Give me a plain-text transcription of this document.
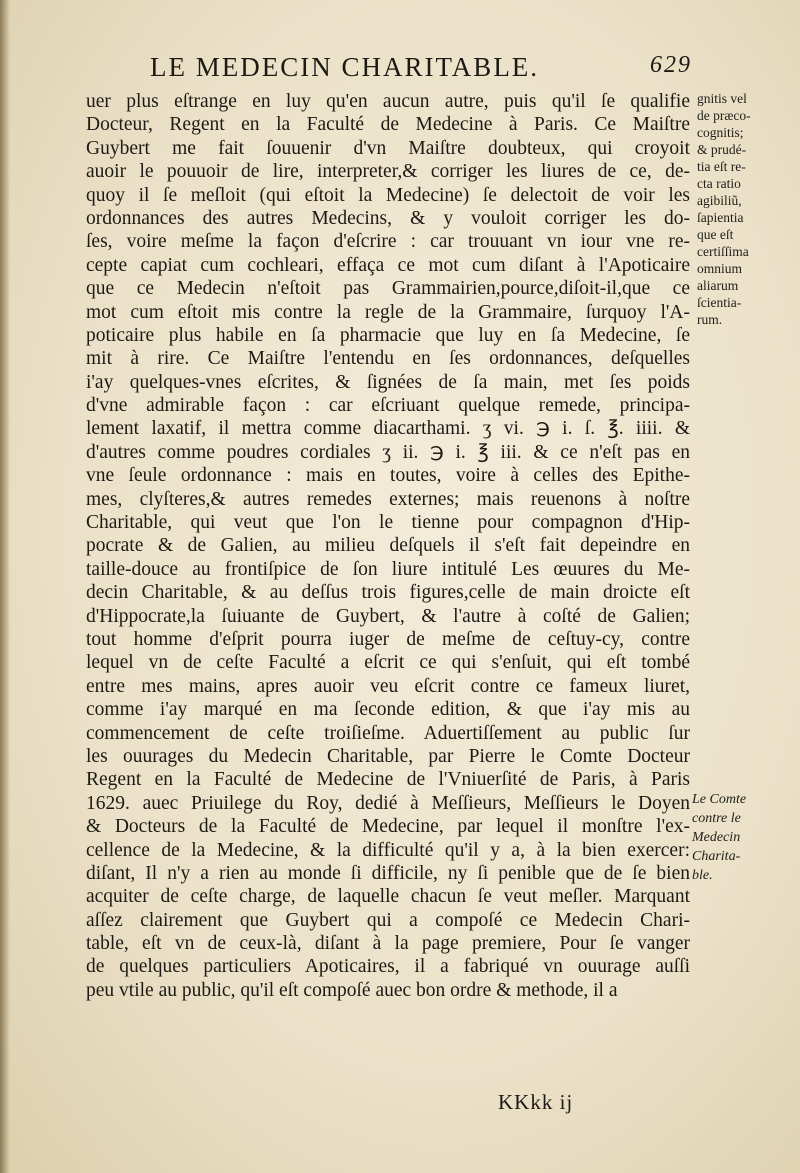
LE MEDECIN CHARITABLE.	629
uer plus eſtrange en luy qu'en aucun autre, puis qu'il ſe qualifie
Docteur, Regent en la Faculté de Medecine à Paris. Ce Maiſtre
Guybert me fait ſouuenir d'vn Maiſtre doubteux, qui croyoit
auoir le pouuoir de lire, interpreter,& corriger les liures de ce, de-
quoy il ſe meſloit (qui eſtoit la Medecine) ſe delectoit de voir les
ordonnances des autres Medecins, & y vouloit corriger les do-
ſes, voire meſme la façon d'eſcrire : car trouuant vn iour vne re-
cepte capiat cum cochleari, effaça ce mot cum diſant à l'Apoticaire
que ce Medecin n'eſtoit pas Grammairien,pource,diſoit-il,que ce
mot cum eſtoit mis contre la regle de la Grammaire, ſurquoy l'A-
poticaire plus habile en ſa pharmacie que luy en ſa Medecine, ſe
mit à rire. Ce Maiſtre l'entendu en ſes ordonnances, deſquelles
i'ay quelques-vnes eſcrites, & ſignées de ſa main, met ſes poids
d'vne admirable façon : car eſcriuant quelque remede, principa-
lement laxatif, il mettra comme diacarthami. ʒ vi. ℈ i. ſ. ℥. iiii. &
d'autres comme poudres cordiales ʒ ii. ℈ i. ℥ iii. & ce n'eſt pas en
vne ſeule ordonnance : mais en toutes, voire à celles des Epithe-
mes, clyſteres,& autres remedes externes; mais reuenons à noſtre
Charitable, qui veut que l'on le tienne pour compagnon d'Hip-
pocrate & de Galien, au milieu deſquels il s'eſt fait depeindre en
taille-douce au frontiſpice de ſon liure intitulé Les œuures du Me-
decin Charitable, & au deſſus trois figures,celle de main droicte eſt
d'Hippocrate,la ſuiuante de Guybert, & l'autre à coſté de Galien;
tout homme d'eſprit pourra iuger de meſme de ceſtuy-cy, contre
lequel vn de ceſte Faculté a eſcrit ce qui s'enſuit, qui eſt tombé
entre mes mains, apres auoir veu eſcrit contre ce fameux liuret,
comme i'ay marqué en ma ſeconde edition, & que i'ay mis au
commencement de ceſte troiſieſme. Aduertiſſement au public ſur
les ouurages du Medecin Charitable, par Pierre le Comte Docteur
Regent en la Faculté de Medecine de l'Vniuerſité de Paris, à Paris
1629. auec Priuilege du Roy, dedié à Meſſieurs, Meſſieurs le Doyen
& Docteurs de la Faculté de Medecine, par lequel il monſtre l'ex-
cellence de la Medecine, & la difficulté qu'il y a, à la bien exercer:
diſant, Il n'y a rien au monde ſi difficile, ny ſi penible que de ſe bien
acquiter de ceſte charge, de laquelle chacun ſe veut meſler. Marquant
aſſez clairement que Guybert qui a compoſé ce Medecin Chari-
table, eſt vn de ceux-là, diſant à la page premiere, Pour ſe vanger
de quelques particuliers Apoticaires, il a fabriqué vn ouurage auſſi
peu vtile au public, qu'il eſt compoſé auec bon ordre & methode, il a
gnitis vel
de præco-
cognitis;
& prudé-
tia eſt re-
cta ratio
agibiliũ,
ſapientia
que eſt
certiſſima
omnium
aliarum
ſcientia-
rum.
Le Comte
contre le
Medecin
Charita-
ble.
KKkk ij
